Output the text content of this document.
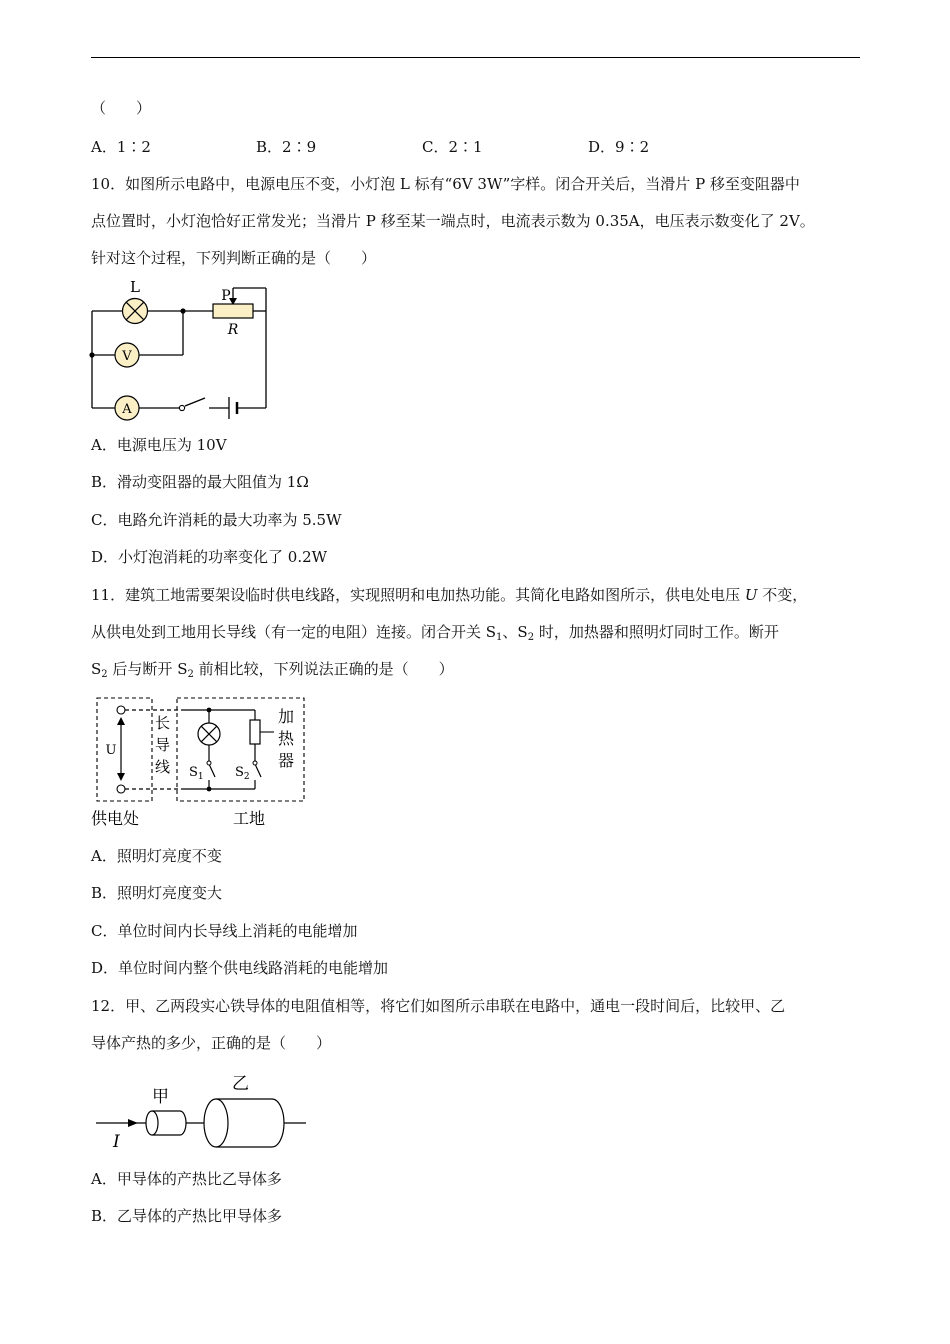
（　　）
A．1∶2	B．2∶9	C．2∶1	D．9∶2
10．如图所示电路中，电源电压不变，小灯泡 L 标有“6V 3W”字样。闭合开关后，当滑片 P 移至变阻器中
点位置时，小灯泡恰好正常发光；当滑片 P 移至某一端点时，电流表示数为 0.35A，电压表示数变化了 2V。
针对这个过程，下列判断正确的是（　　）
V
A
L	P
R
A．电源电压为 10V
B．滑动变阻器的最大阻值为 1Ω
C．电路允许消耗的最大功率为 5.5W
D．小灯泡消耗的功率变化了 0.2W
11．建筑工地需要架设临时供电线路，实现照明和电加热功能。其简化电路如图所示，供电处电压 U 不变，
从供电处到工地用长导线（有一定的电阻）连接。闭合开关 $S_1$、$S_2$ 时，加热器和照明灯同时工作。断开
$S_2$ 后与断开 $S_2$ 前相比较，下列说法正确的是（　　）
U
长
导
线
加
热
器
$S_1$ $S_2$
供电处	工地
A．照明灯亮度不变
B．照明灯亮度变大
C．单位时间内长导线上消耗的电能增加
D．单位时间内整个供电线路消耗的电能增加
12．甲、乙两段实心铁导体的电阻值相等，将它们如图所示串联在电路中，通电一段时间后，比较甲、乙
导体产热的多少，正确的是（　　）
甲
乙
I
A．甲导体的产热比乙导体多
B．乙导体的产热比甲导体多
